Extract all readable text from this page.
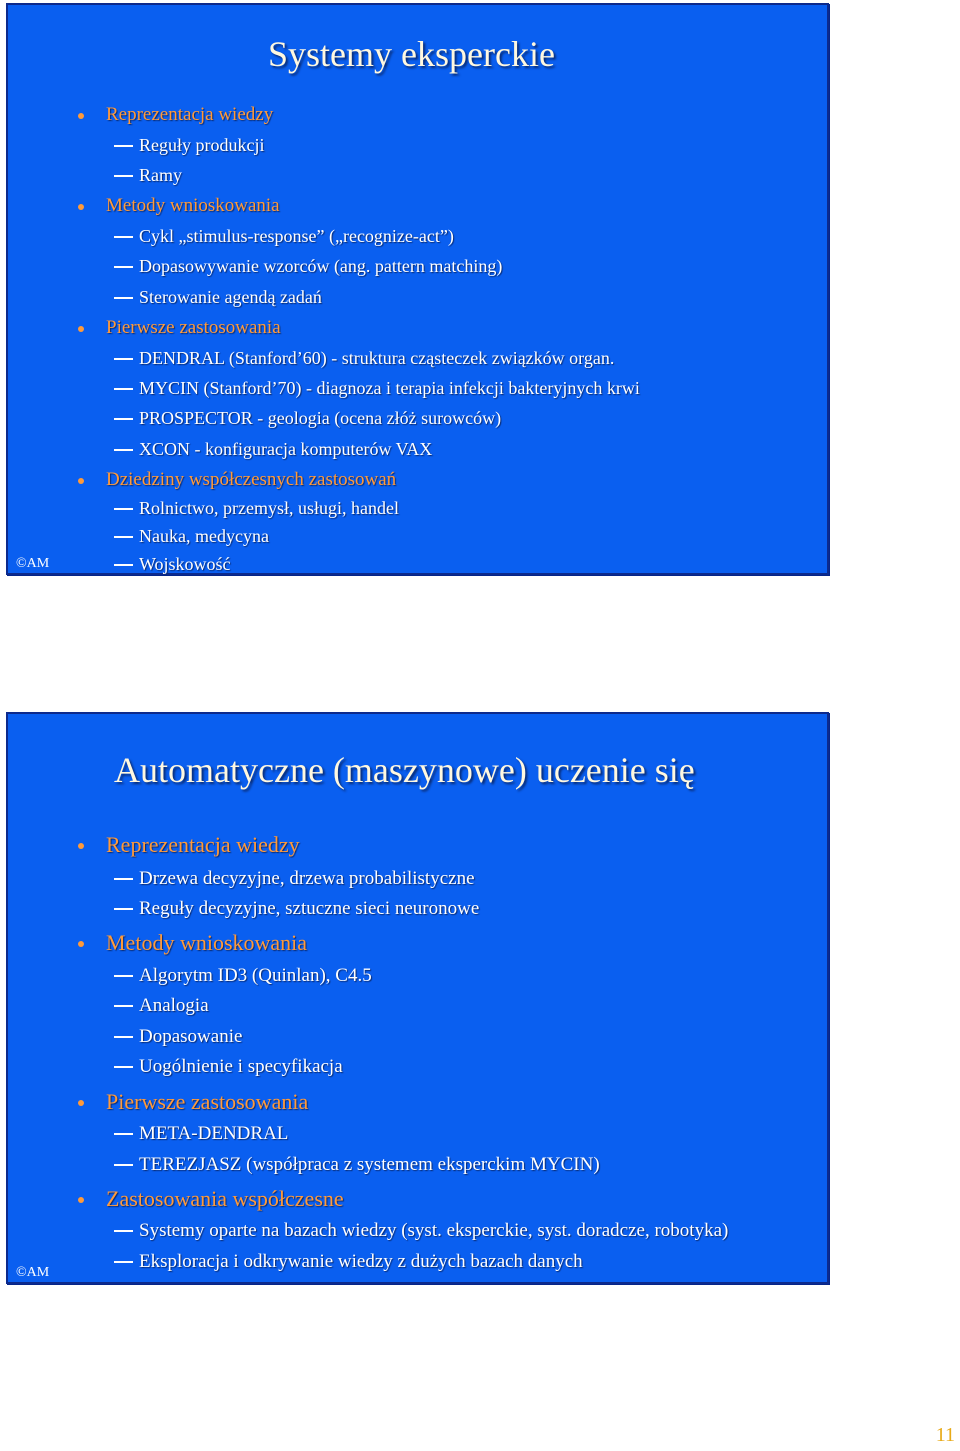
Systemy eksperckie
Reprezentacja wiedzy
Reguły produkcji
Ramy
Metody wnioskowania
Cykl „stimulus-response” („recognize-act”)
Dopasowywanie wzorców (ang. pattern matching)
Sterowanie agendą zadań
Pierwsze zastosowania
DENDRAL (Stanford’60) - struktura cząsteczek związków organ.
MYCIN (Stanford’70) - diagnoza i terapia infekcji bakteryjnych krwi
PROSPECTOR - geologia (ocena złóż surowców)
XCON - konfiguracja komputerów VAX
Dziedziny współczesnych zastosowań
Rolnictwo, przemysł, usługi, handel
Nauka, medycyna
Wojskowość
©AM
Automatyczne (maszynowe) uczenie się
Reprezentacja wiedzy
Drzewa decyzyjne, drzewa probabilistyczne
Reguły decyzyjne, sztuczne sieci neuronowe
Metody wnioskowania
Algorytm ID3 (Quinlan), C4.5
Analogia
Dopasowanie
Uogólnienie i specyfikacja
Pierwsze zastosowania
META-DENDRAL
TEREZJASZ (współpraca z systemem eksperckim MYCIN)
Zastosowania współczesne
Systemy oparte na bazach wiedzy (syst. eksperckie, syst. doradcze, robotyka)
Eksploracja i odkrywanie wiedzy z dużych bazach danych
©AM
11
